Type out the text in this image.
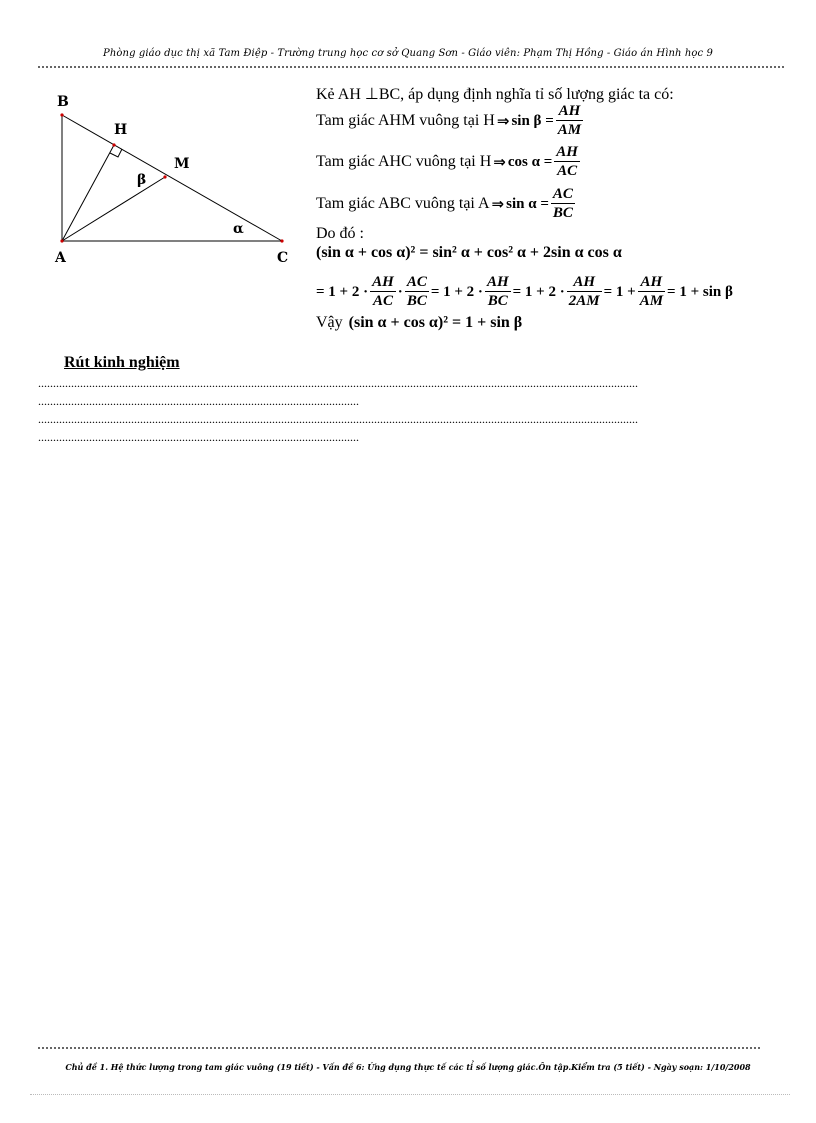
Phòng giáo dục thị xã Tam Điệp - Trường trung học cơ sở Quang Sơn - Giáo viên: Phạm Thị Hồng - Giáo án Hình học 9
B
H
M
A	C
β
α
Kẻ AH ⊥BC, áp dụng định nghĩa tỉ số lượng giác ta có:
Tam giác AHM vuông tại H ⇒ $\sin \beta = \frac{AH}{AM}$
Tam giác AHC vuông tại H ⇒ $\cos \alpha = \frac{AH}{AC}$
Tam giác ABC vuông tại A ⇒ $\sin \alpha = \frac{AC}{BC}$
Do đó :
(sin α + cos α)² = sin² α + cos² α + 2sin α cos α
= $1 + 2 \cdot \frac{AH}{AC} \cdot \frac{AC}{BC} = 1 + 2 \cdot \frac{AH}{BC} = 1 + 2 \cdot \frac{AH}{2AM} = 1 + \frac{AH}{AM} = 1 + \sin \beta$
Vậy (sin α + cos α)² = 1 + sin β
Rút kinh nghiệm
........................................................................................................................................................................................................
...........................................................................................................
........................................................................................................................................................................................................
...........................................................................................................
Chủ đề 1. Hệ thức lượng trong tam giác vuông (19 tiết) - Vấn đề 6: Ứng dụng thực tế các tỉ số lượng giác.Ôn tập.Kiểm tra (5 tiết) - Ngày soạn: 1/10/2008
